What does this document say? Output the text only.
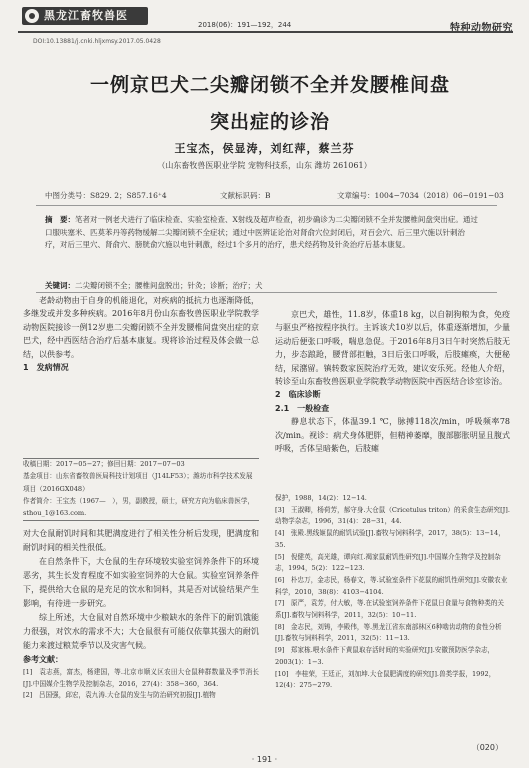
黑龙江畜牧兽医
2018(06)：191—192，244	特种动物研究
DOI:10.13881/j.cnki.hljxmsy.2017.05.0428
一例京巴犬二尖瓣闭锁不全并发腰椎间盘
突出症的诊治
王宝杰，侯显涛，刘红萍，蔡兰芬
（山东畜牧兽医职业学院 宠物科技系，山东 潍坊 261061）
中图分类号：S829. 2；S857.16⁺4	文献标识码：B	文章编号：1004−7034（2018）06−0191−03
摘　要：笔者对一例老犬进行了临床检查、实验室检查、X射线及超声检查，初步确诊为二尖瓣闭锁不全并发腰椎间盘突出症。通过口服呋塞米、匹莫苯丹等药物缓解二尖瓣闭锁不全症状；通过中医辨证论治对肾俞穴位封闭后，对百会穴、后三里穴施以针刺治疗，对后三里穴、肾俞穴、膀胱俞穴施以电针刺激，经过1个多月的治疗，患犬经药物及针灸治疗后基本康复。
关键词：二尖瓣闭锁不全；腰椎间盘脱出；针灸；诊断；治疗；犬

老龄动物由于自身的机能退化，对疾病的抵抗力也逐渐降低，多继发或并发多种疾病。2016年8月份山东畜牧兽医职业学院教学动物医院接诊一例12岁患二尖瓣闭锁不全并发腰椎间盘突出症的京巴犬，经中西医结合治疗后基本康复。现将诊治过程及体会做一总结，以供参考。

1　发病情况

收稿日期：2017−05−27；修回日期：2017−07−03
基金项目：山东省畜牧兽医局科技计划项目（J14LF53）；潍坊市科学技术发展项目（2016GX048）
作者简介：王宝杰（1967—　），男，副教授，硕士，研究方向为临床兽医学，sthou_1@163.com.

京巴犬，雄性，11.8岁，体重18 kg，以自制狗粮为食，免疫与驱虫严格按程序执行。主诉该犬10岁以后，体重逐渐增加，少量运动后便张口呼吸，喘息急促。于2016年8月3日午时突然后肢无力，步态踉跄，腰背部拒触，3日后张口呼吸，后肢瘫痪，大便秘结，尿潴留。镇转数家医院治疗无效，建议安乐死。经他人介绍，转诊至山东畜牧兽医职业学院教学动物医院中西医结合诊室诊治。

2　临床诊断

2.1　一般检查

静息状态下，体温39.1 ℃，脉搏118次/min，呼吸频率78次/min。视诊：病犬身体肥胖，但精神萎靡，腹部膨胀明显且腹式呼吸，舌体呈暗紫色，后肢瘫

对大仓鼠耐饥时间和其肥满度进行了相关性分析后发现，肥满度和耐饥时间的相关性很低。

在自然条件下，大仓鼠的生存环境较实验室饲养条件下的环境恶劣，其生长发育程度不如实验室饲养的大仓鼠。实验室饲养条件下，提供给大仓鼠的是充足的饮水和饲料，其是否对试验结果产生影响，有待进一步研究。

综上所述，大仓鼠对自然环境中少粮缺水的条件下的耐饥饿能力很强，对饮水的需求不大；大仓鼠很有可能仅依靠其强大的耐饥能力来渡过粮荒季节以及灾害气候。

参考文献：

[1]　袁志燕，富杰，杨建国，等.北京市顺义区农田大仓鼠种群数量及季节消长[J].中国媒介生物学及控制杂志，2016，27(4)：358−360，364.

[2]　吕国强，邱宏，袁九涛.大仓鼠的发生与防治研究初报[J].植物

保护，1988，14(2)：12−14.

[3]　王淑卿，杨荷芳，郝守身.大仓鼠（Cricetulus triton）的采食生态研究[J].动物学杂志，1996，31(4)：28−31，44.

[4]　张殿.黑线姬鼠的耐饥试验[J].畜牧与饲料科学，2017，38(5)：13−14，35.

[5]　倪健英，高光雄，谭向红.褐家鼠耐饥性研究[J].中国媒介生物学及控制杂志，1994，5(2)：122−123.

[6]　朴忠万，金志民，杨春文，等.试验室条件下花鼠的耐饥性研究[J].安徽农业科学，2010，38(8)：4103−4104.

[7]　原严，袁芳，付大敏，等.在试验室饲养条件下花鼠日食量与食物种类的关系[J].畜牧与饲料科学，2011，32(5)：10−11.

[8]　金志民，刘铸，李殿伟，等.黑龙江省东南部林区6种啮齿动物的食性分析[J].畜牧与饲料科学，2011，32(5)：11−13.

[9]　郑家栋.喂水条件下黄鼠取存活时间的实验研究[J].安徽预防医学杂志，2003(1)：1−3.

[10]　李桂荣，王廷正，刘加坤.大仓鼠肥满度的研究[J].兽类学报，1992，12(4)：275−279.

（020）
· 191 ·
